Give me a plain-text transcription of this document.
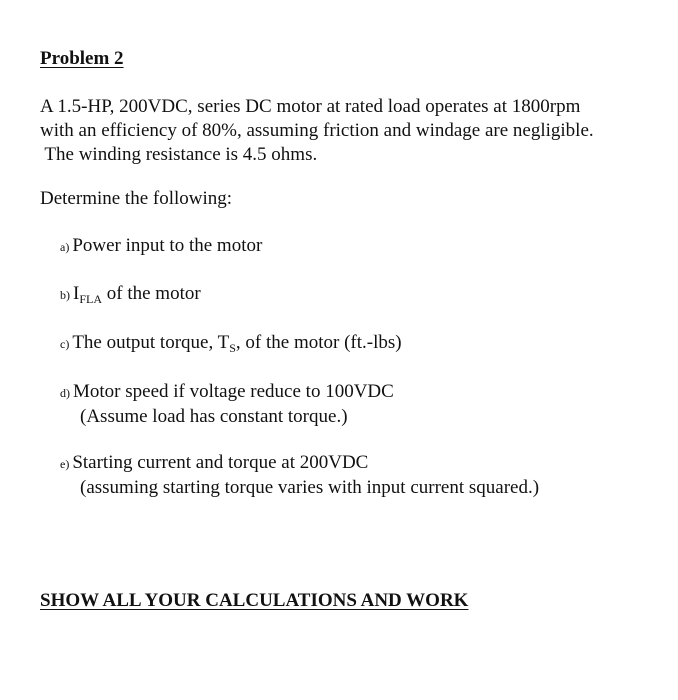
Problem 2
A 1.5-HP, 200VDC, series DC motor at rated load operates at 1800rpm
with an efficiency of 80%, assuming friction and windage are negligible.
The winding resistance is 4.5 ohms.
Determine the following:
a) Power input to the motor
b) $I_{FLA}$ of the motor
c) The output torque, $T_S$, of the motor (ft.-lbs)
d) Motor speed if voltage reduce to 100VDC
(Assume load has constant torque.)
e) Starting current and torque at 200VDC
(assuming starting torque varies with input current squared.)
SHOW ALL YOUR CALCULATIONS AND WORK
